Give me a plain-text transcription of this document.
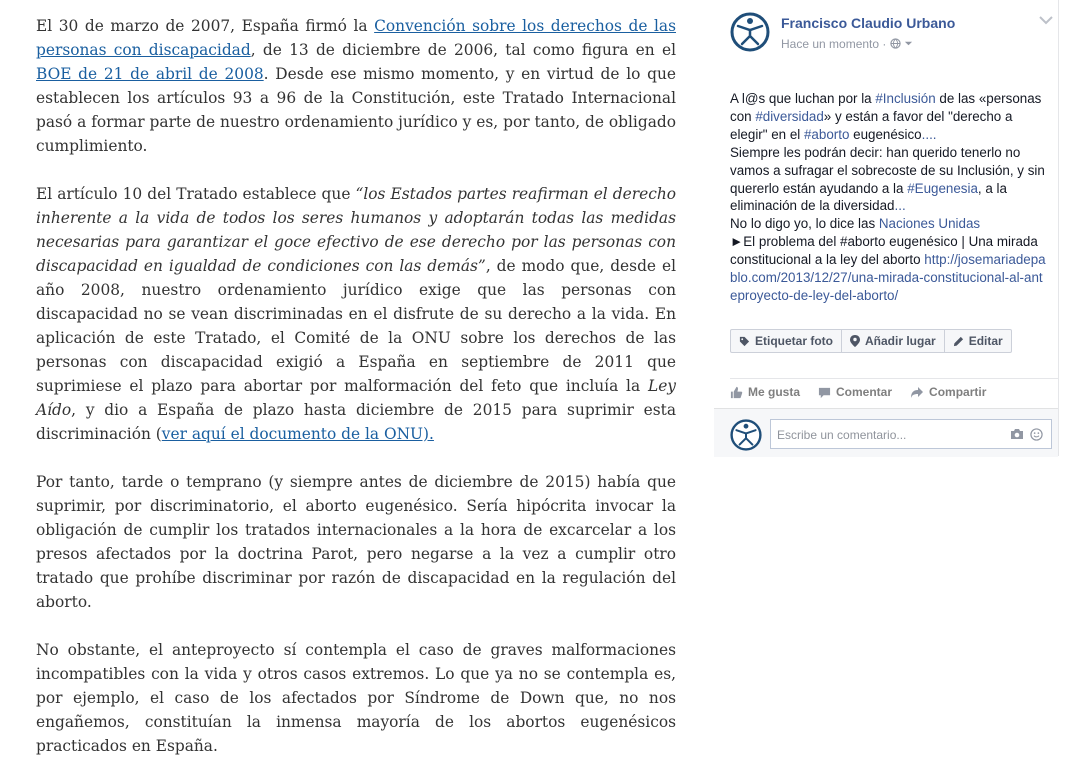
El 30 de marzo de 2007, España firmó la Convención sobre los derechos de las personas con discapacidad, de 13 de diciembre de 2006, tal como figura en el BOE de 21 de abril de 2008. Desde ese mismo momento, y en virtud de lo que establecen los artículos 93 a 96 de la Constitución, este Tratado Internacional pasó a formar parte de nuestro ordenamiento jurídico y es, por tanto, de obligado cumplimiento.

El artículo 10 del Tratado establece que “los Estados partes reafirman el derecho inherente a la vida de todos los seres humanos y adoptarán todas las medidas necesarias para garantizar el goce efectivo de ese derecho por las personas con discapacidad en igualdad de condiciones con las demás”, de modo que, desde el año 2008, nuestro ordenamiento jurídico exige que las personas con discapacidad no se vean discriminadas en el disfrute de su derecho a la vida. En aplicación de este Tratado, el Comité de la ONU sobre los derechos de las personas con discapacidad exigió a España en septiembre de 2011 que suprimiese el plazo para abortar por malformación del feto que incluía la Ley Aído, y dio a España de plazo hasta diciembre de 2015 para suprimir esta discriminación (ver aquí el documento de la ONU).

Por tanto, tarde o temprano (y siempre antes de diciembre de 2015) había que suprimir, por discriminatorio, el aborto eugenésico. Sería hipócrita invocar la obligación de cumplir los tratados internacionales a la hora de excarcelar a los presos afectados por la doctrina Parot, pero negarse a la vez a cumplir otro tratado que prohíbe discriminar por razón de discapacidad en la regulación del aborto.

No obstante, el anteproyecto sí contempla el caso de graves malformaciones incompatibles con la vida y otros casos extremos. Lo que ya no se contempla es, por ejemplo, el caso de los afectados por Síndrome de Down que, no nos engañemos, constituían la inmensa mayoría de los abortos eugenésicos practicados en España.

Francisco Claudio Urbano
Hace un momento ·
A l@s que luchan por la #Inclusión de las «personas con #diversidad» y están a favor del "derecho a elegir" en el #aborto eugenésico....
Siempre les podrán decir: han querido tenerlo no vamos a sufragar el sobrecoste de su Inclusión, y sin quererlo están ayudando a la #Eugenesia, a la eliminación de la diversidad...
No lo digo yo, lo dice las Naciones Unidas
►El problema del #aborto eugenésico | Una mirada constitucional a la ley del aborto http://josemariadepablo.com/2013/12/27/una-mirada-constitucional-al-anteproyecto-de-ley-del-aborto/
Etiquetar foto	Añadir lugar	Editar
Me gusta	Comentar	Compartir
Escribe un comentario...
